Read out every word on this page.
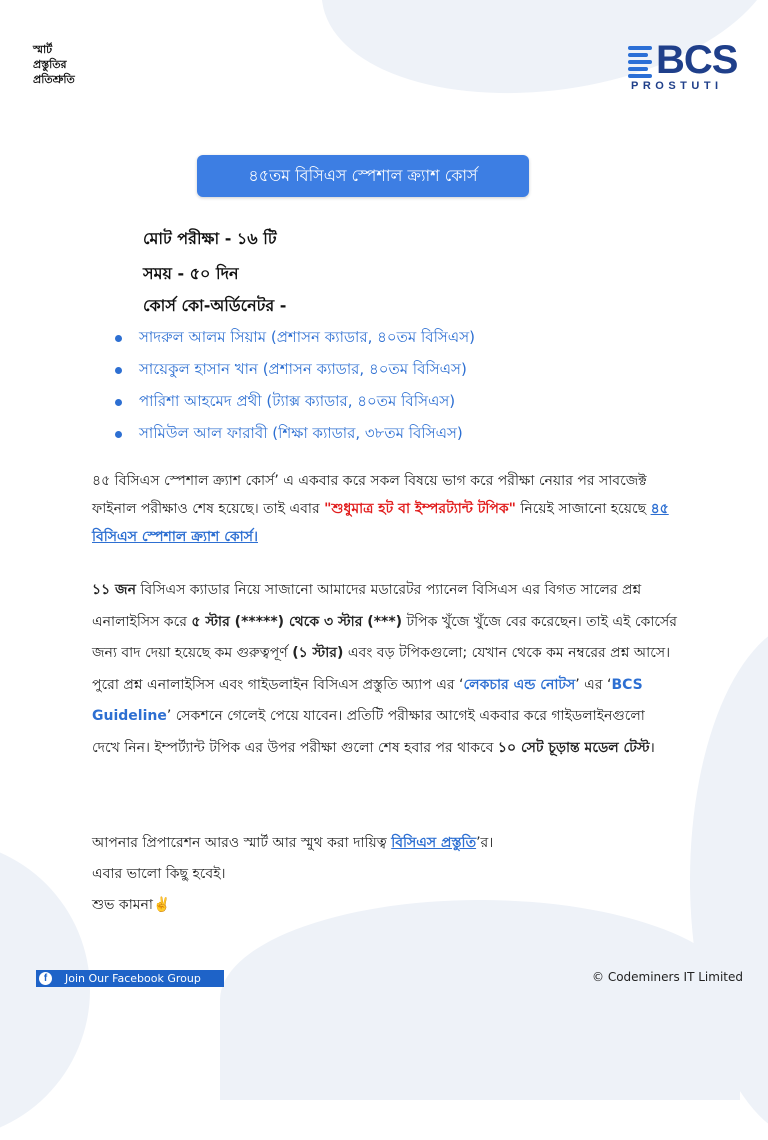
স্মার্ট
প্রস্তুতির
প্রতিশ্রুতি	BCS
PROSTUTI
৪৫তম বিসিএস স্পেশাল ক্র্যাশ কোর্স
মোট পরীক্ষা - ১৬ টি
সময় - ৫০ দিন
কোর্স কো-অর্ডিনেটর -
সাদরুল আলম সিয়াম (প্রশাসন ক্যাডার, ৪০তম বিসিএস)
সায়েকুল হাসান খান (প্রশাসন ক্যাডার, ৪০তম বিসিএস)
পারিশা আহমেদ প্রথী (ট্যাক্স ক্যাডার, ৪০তম বিসিএস)
সামিউল আল ফারাবী (শিক্ষা ক্যাডার, ৩৮তম বিসিএস)
৪৫ বিসিএস স্পেশাল ক্র্যাশ কোর্স’ এ একবার করে সকল বিষয়ে ভাগ করে পরীক্ষা নেয়ার পর সাবজেক্ট ফাইনাল পরীক্ষাও শেষ হয়েছে। তাই এবার "শুধুমাত্র হট বা ইম্পরট্যান্ট টপিক" নিয়েই সাজানো হয়েছে ৪৫ বিসিএস স্পেশাল ক্র্যাশ কোর্স।
১১ জন বিসিএস ক্যাডার নিয়ে সাজানো আমাদের মডারেটর প্যানেল বিসিএস এর বিগত সালের প্রশ্ন এনালাইসিস করে ৫ স্টার (*****) থেকে ৩ স্টার (***) টপিক খুঁজে খুঁজে বের করেছেন। তাই এই কোর্সের জন্য বাদ দেয়া হয়েছে কম গুরুত্বপূর্ণ (১ স্টার) এবং বড় টপিকগুলো; যেখান থেকে কম নম্বরের প্রশ্ন আসে। পুরো প্রশ্ন এনালাইসিস এবং গাইডলাইন বিসিএস প্রস্তুতি অ্যাপ এর ‘লেকচার এন্ড নোটস’ এর ‘BCS Guideline’ সেকশনে গেলেই পেয়ে যাবেন। প্রতিটি পরীক্ষার আগেই একবার করে গাইডলাইনগুলো দেখে নিন। ইম্পর্ট্যান্ট টপিক এর উপর পরীক্ষা গুলো শেষ হবার পর থাকবে ১০ সেট চূড়ান্ত মডেল টেস্ট।

আপনার প্রিপারেশন আরও স্মার্ট আর স্মুথ করা দায়িত্ব বিসিএস প্রস্তুতি’র।

এবার ভালো কিছু হবেই।

শুভ কামনা✌️

f	Join Our Facebook Group	© Codeminers IT Limited
